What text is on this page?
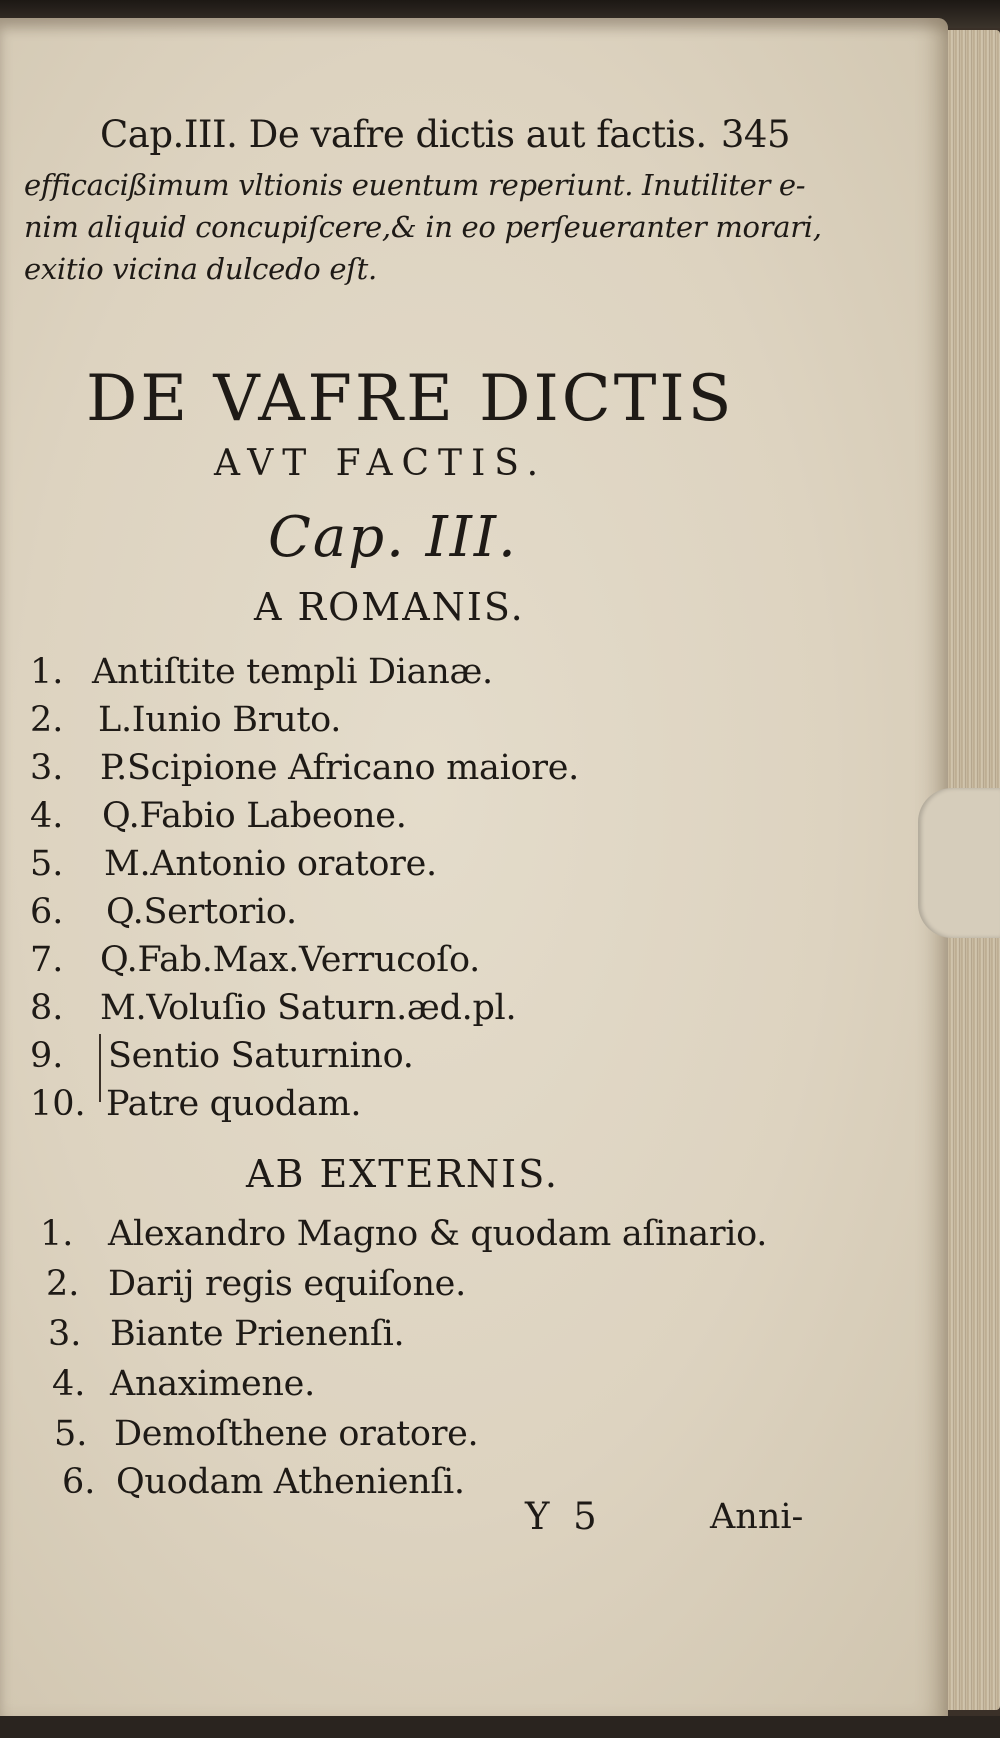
Cap.III. De vafre dictis aut factis. 345
efficacißimum vltionis euentum reperiunt. Inutiliter e-
nim aliquid concupiſcere,& in eo perſeueranter morari,
exitio vicina dulcedo eſt.
DE VAFRE DICTIS
AVT FACTIS.
Cap. III.
A ROMANIS.
1. Antiſtite templi Dianæ.
2. L.Iunio Bruto.
3.	P.Scipione Africano maiore.
4.	Q.Fabio Labeone.
5.	M.Antonio oratore.
6.	Q.Sertorio.
7.	Q.Fab.Max.Verrucoſo.
8.	M.Voluſio Saturn.æd.pl.
9.	Sentio Saturnino.
10. Patre quodam.
AB EXTERNIS.
1. Alexandro Magno & quodam aſinario.
2. Darij regis equiſone.
3. Biante Prienenſi.
4. Anaximene.
5. Demoſthene oratore.
6. Quodam Athenienſi.
Y 5	Anni-
